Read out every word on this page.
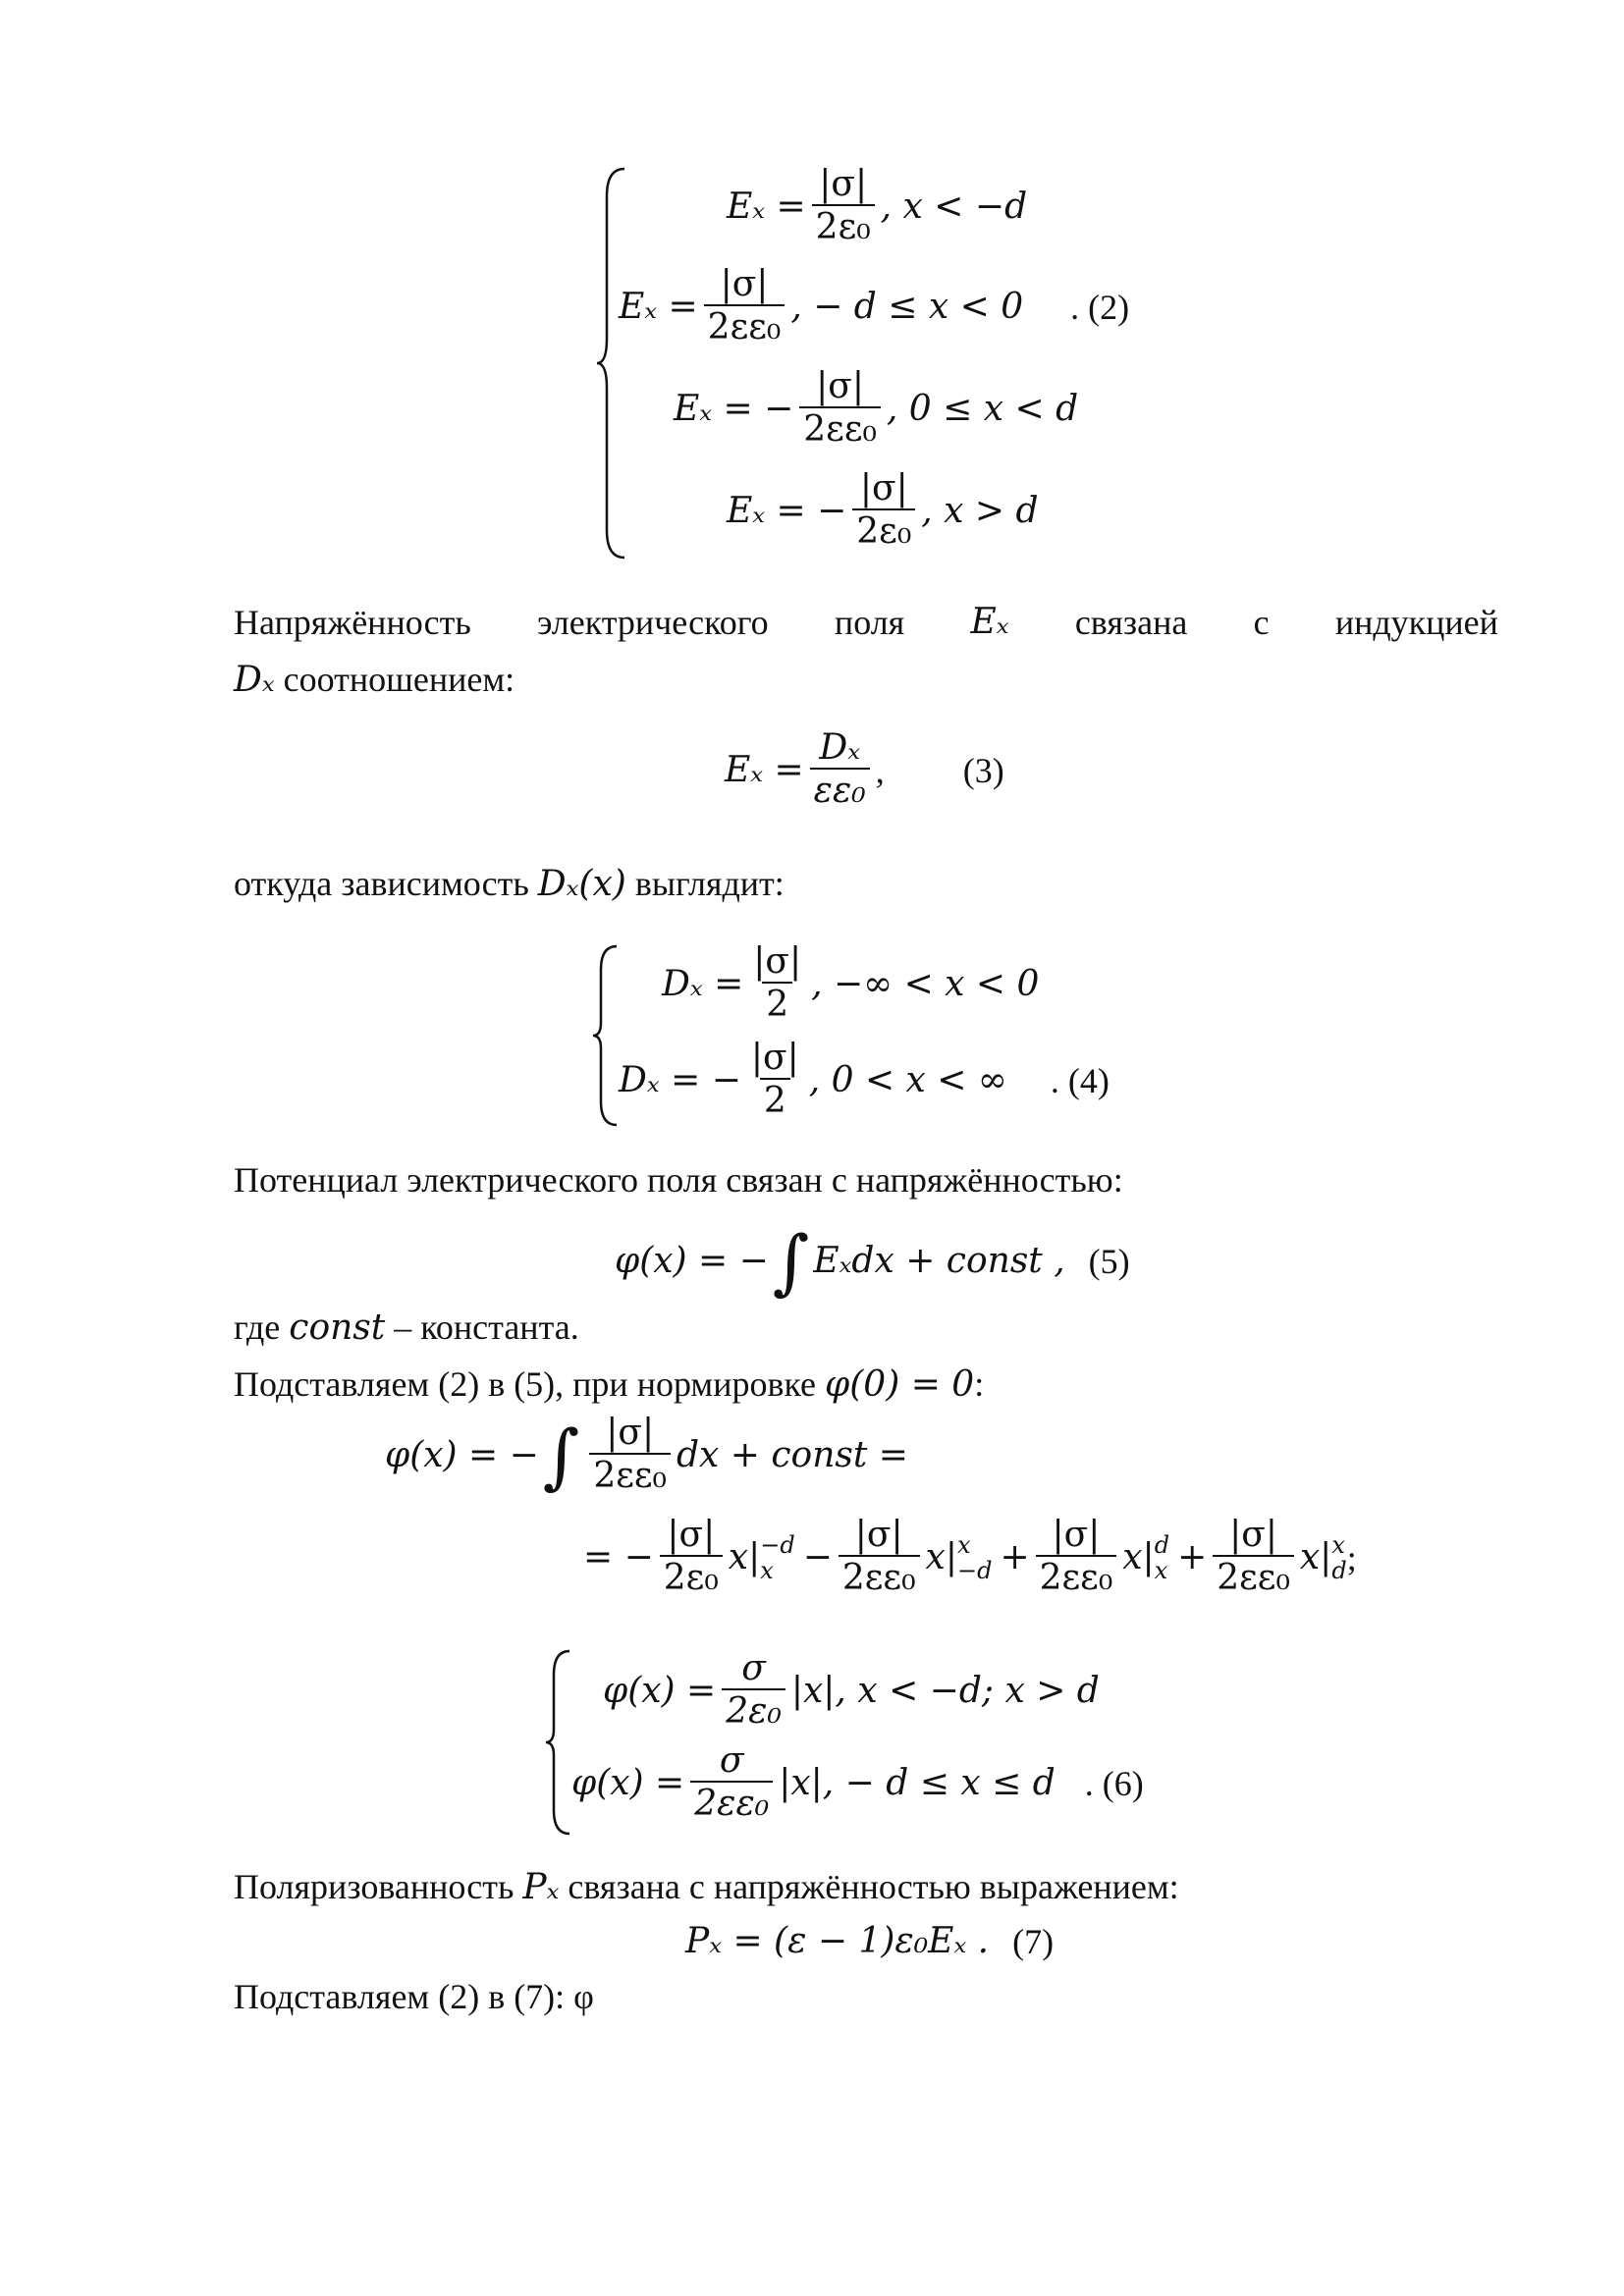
$E_x = \frac{|\sigma|}{\text{2ε₀}}$ , x < −d
$E_x = \frac{|\sigma|}{\text{2εε₀}}$ , − d ≤ x < 0 . (2)
Eₓ = − $\frac{|\sigma|}{\text{2εε₀}}$ , 0 ≤ x < d
Eₓ = − $\frac{|\sigma|}{\text{2ε₀}}$ , x > d
Напряжённость электрического поля Eₓ связана с индукцией
Dₓ соотношением:
$E_x = \frac{\text{Dₓ}}{\text{εε₀}}$ , (3)
откуда зависимость Dₓ(x) выглядит:
$D_x = \frac{|\sigma|}{2}$ , −∞ < x < 0
Dₓ = − $\frac{|\sigma|}{2}$ , 0 < x < ∞ . (4)
Потенциал электрического поля связан с напряжённостью:
φ(x) = − ∫ Eₓdx + const , (5)
где const – константа.
Подставляем (2) в (5), при нормировке φ(0) = 0:
φ(x) = − ∫ $\frac{|\sigma|}{\text{2εε₀}}$ dx + const =
= − $\frac{|\sigma|}{\text{2ε₀}} x| -d$
$x - \frac{|\sigma|}{\text{2εε₀}} x|$ x
$-d + \frac{|\sigma|}{\text{2εε₀}} x|$ d
$x + \frac{|\sigma|}{\text{2εε₀}} x|$ x
d ;
$\varphi(x) = \frac{\sigma}{\text{2ε₀}} |x|$, x < −d; x > d
$\varphi(x) = \frac{\sigma}{\text{2εε₀}} |x|$, − d ≤ x ≤ d . (6)
Поляризованность Pₓ связана с напряжённостью выражением:
Pₓ = (ε − 1)ε₀Eₓ . (7)
Подставляем (2) в (7): φ
